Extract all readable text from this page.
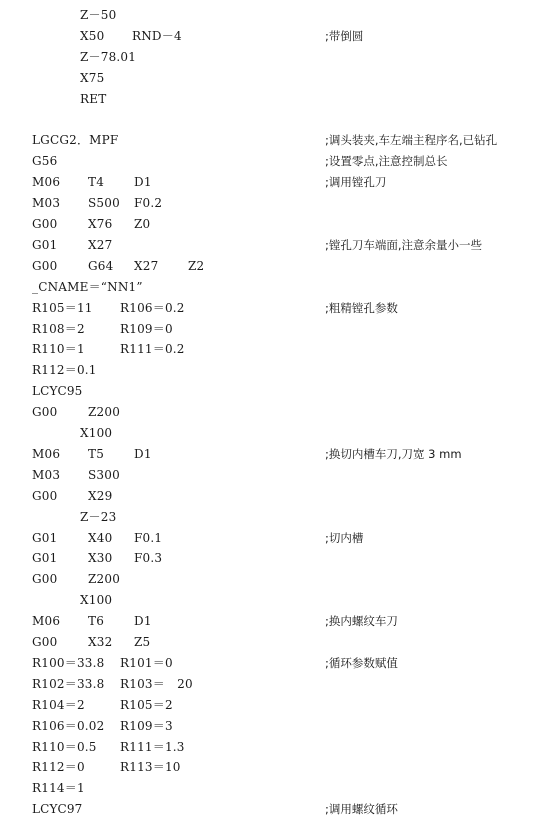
Z－50
X50 RND－4	;带倒圆
Z－78.01
X75
RET
LGCG2．MPF	;调头装夹,车左端主程序名,已钻孔
G56	;设置零点,注意控制总长
M06 T4 D1	;调用镗孔刀
M03 S500 F0.2
G00	X76 Z0
G01	X27	;镗孔刀车端面,注意余量小一些
G00	G64 X27 Z2
_CNAME＝“NN1”
R105＝11 R106＝0.2	;粗精镗孔参数
R108＝2	R109＝0
R110＝1	R111＝0.2
R112＝0.1
LCYC95
G00	Z200
X100
M06 T5 D1	;换切内槽车刀,刀宽 3 mm
M03 S300
G00	X29
Z－23
G01	X40 F0.1	;切内槽
G01	X30 F0.3
G00	Z200
X100
M06 T6 D1	;换内螺纹车刀
G00	X32 Z5
R100＝33.8 R101＝0	;循环参数赋值
R102＝33.8 R103＝　20
R104＝2	R105＝2
R106＝0.02 R109＝3
R110＝0.5 R111＝1.3
R112＝0	R113＝10
R114＝1
LCYC97	;调用螺纹循环
